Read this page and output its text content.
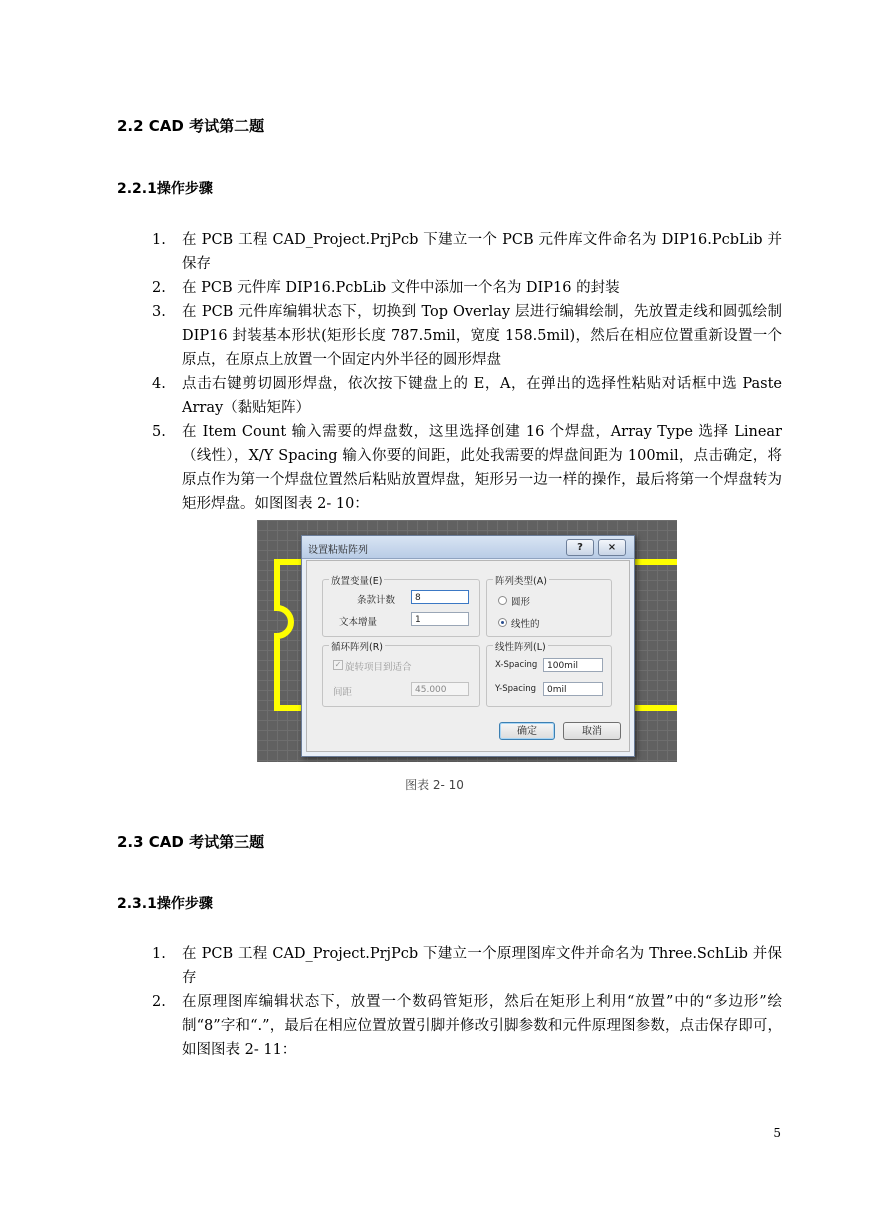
2.2 CAD 考试第二题
2.2.1操作步骤
1. 在 PCB 工程 CAD_Project.PrjPcb 下建立一个 PCB 元件库文件命名为 DIP16.PcbLib 并保存
2. 在 PCB 元件库 DIP16.PcbLib 文件中添加一个名为 DIP16 的封装
3. 在 PCB 元件库编辑状态下，切换到 Top Overlay 层进行编辑绘制，先放置走线和圆弧绘制 DIP16 封装基本形状(矩形长度 787.5mil，宽度 158.5mil)，然后在相应位置重新设置一个原点，在原点上放置一个固定内外半径的圆形焊盘
4. 点击右键剪切圆形焊盘，依次按下键盘上的 E，A，在弹出的选择性粘贴对话框中选 Paste Array（黏贴矩阵）
5. 在 Item Count 输入需要的焊盘数，这里选择创建 16 个焊盘，Array Type 选择 Linear（线性），X/Y Spacing 输入你要的间距，此处我需要的焊盘间距为 100mil，点击确定，将原点作为第一个焊盘位置然后粘贴放置焊盘，矩形另一边一样的操作，最后将第一个焊盘转为矩形焊盘。如图图表 2- 10：
设置粘贴阵列	?	×
放置变量(E)
条款计数	8
文本增量	1
阵列类型(A)
圆形
线性的
循环阵列(R)
✓ 旋转项目到适合
间距	45.000
线性阵列(L)
X-Spacing	100mil
Y-Spacing	0mil
确定	取消
图表 2- 10
2.3 CAD 考试第三题
2.3.1操作步骤
1. 在 PCB 工程 CAD_Project.PrjPcb 下建立一个原理图库文件并命名为 Three.SchLib 并保存
2. 在原理图库编辑状态下，放置一个数码管矩形，然后在矩形上利用“放置”中的“多边形”绘制“8”字和“.”，最后在相应位置放置引脚并修改引脚参数和元件原理图参数，点击保存即可，如图图表 2- 11：
5
